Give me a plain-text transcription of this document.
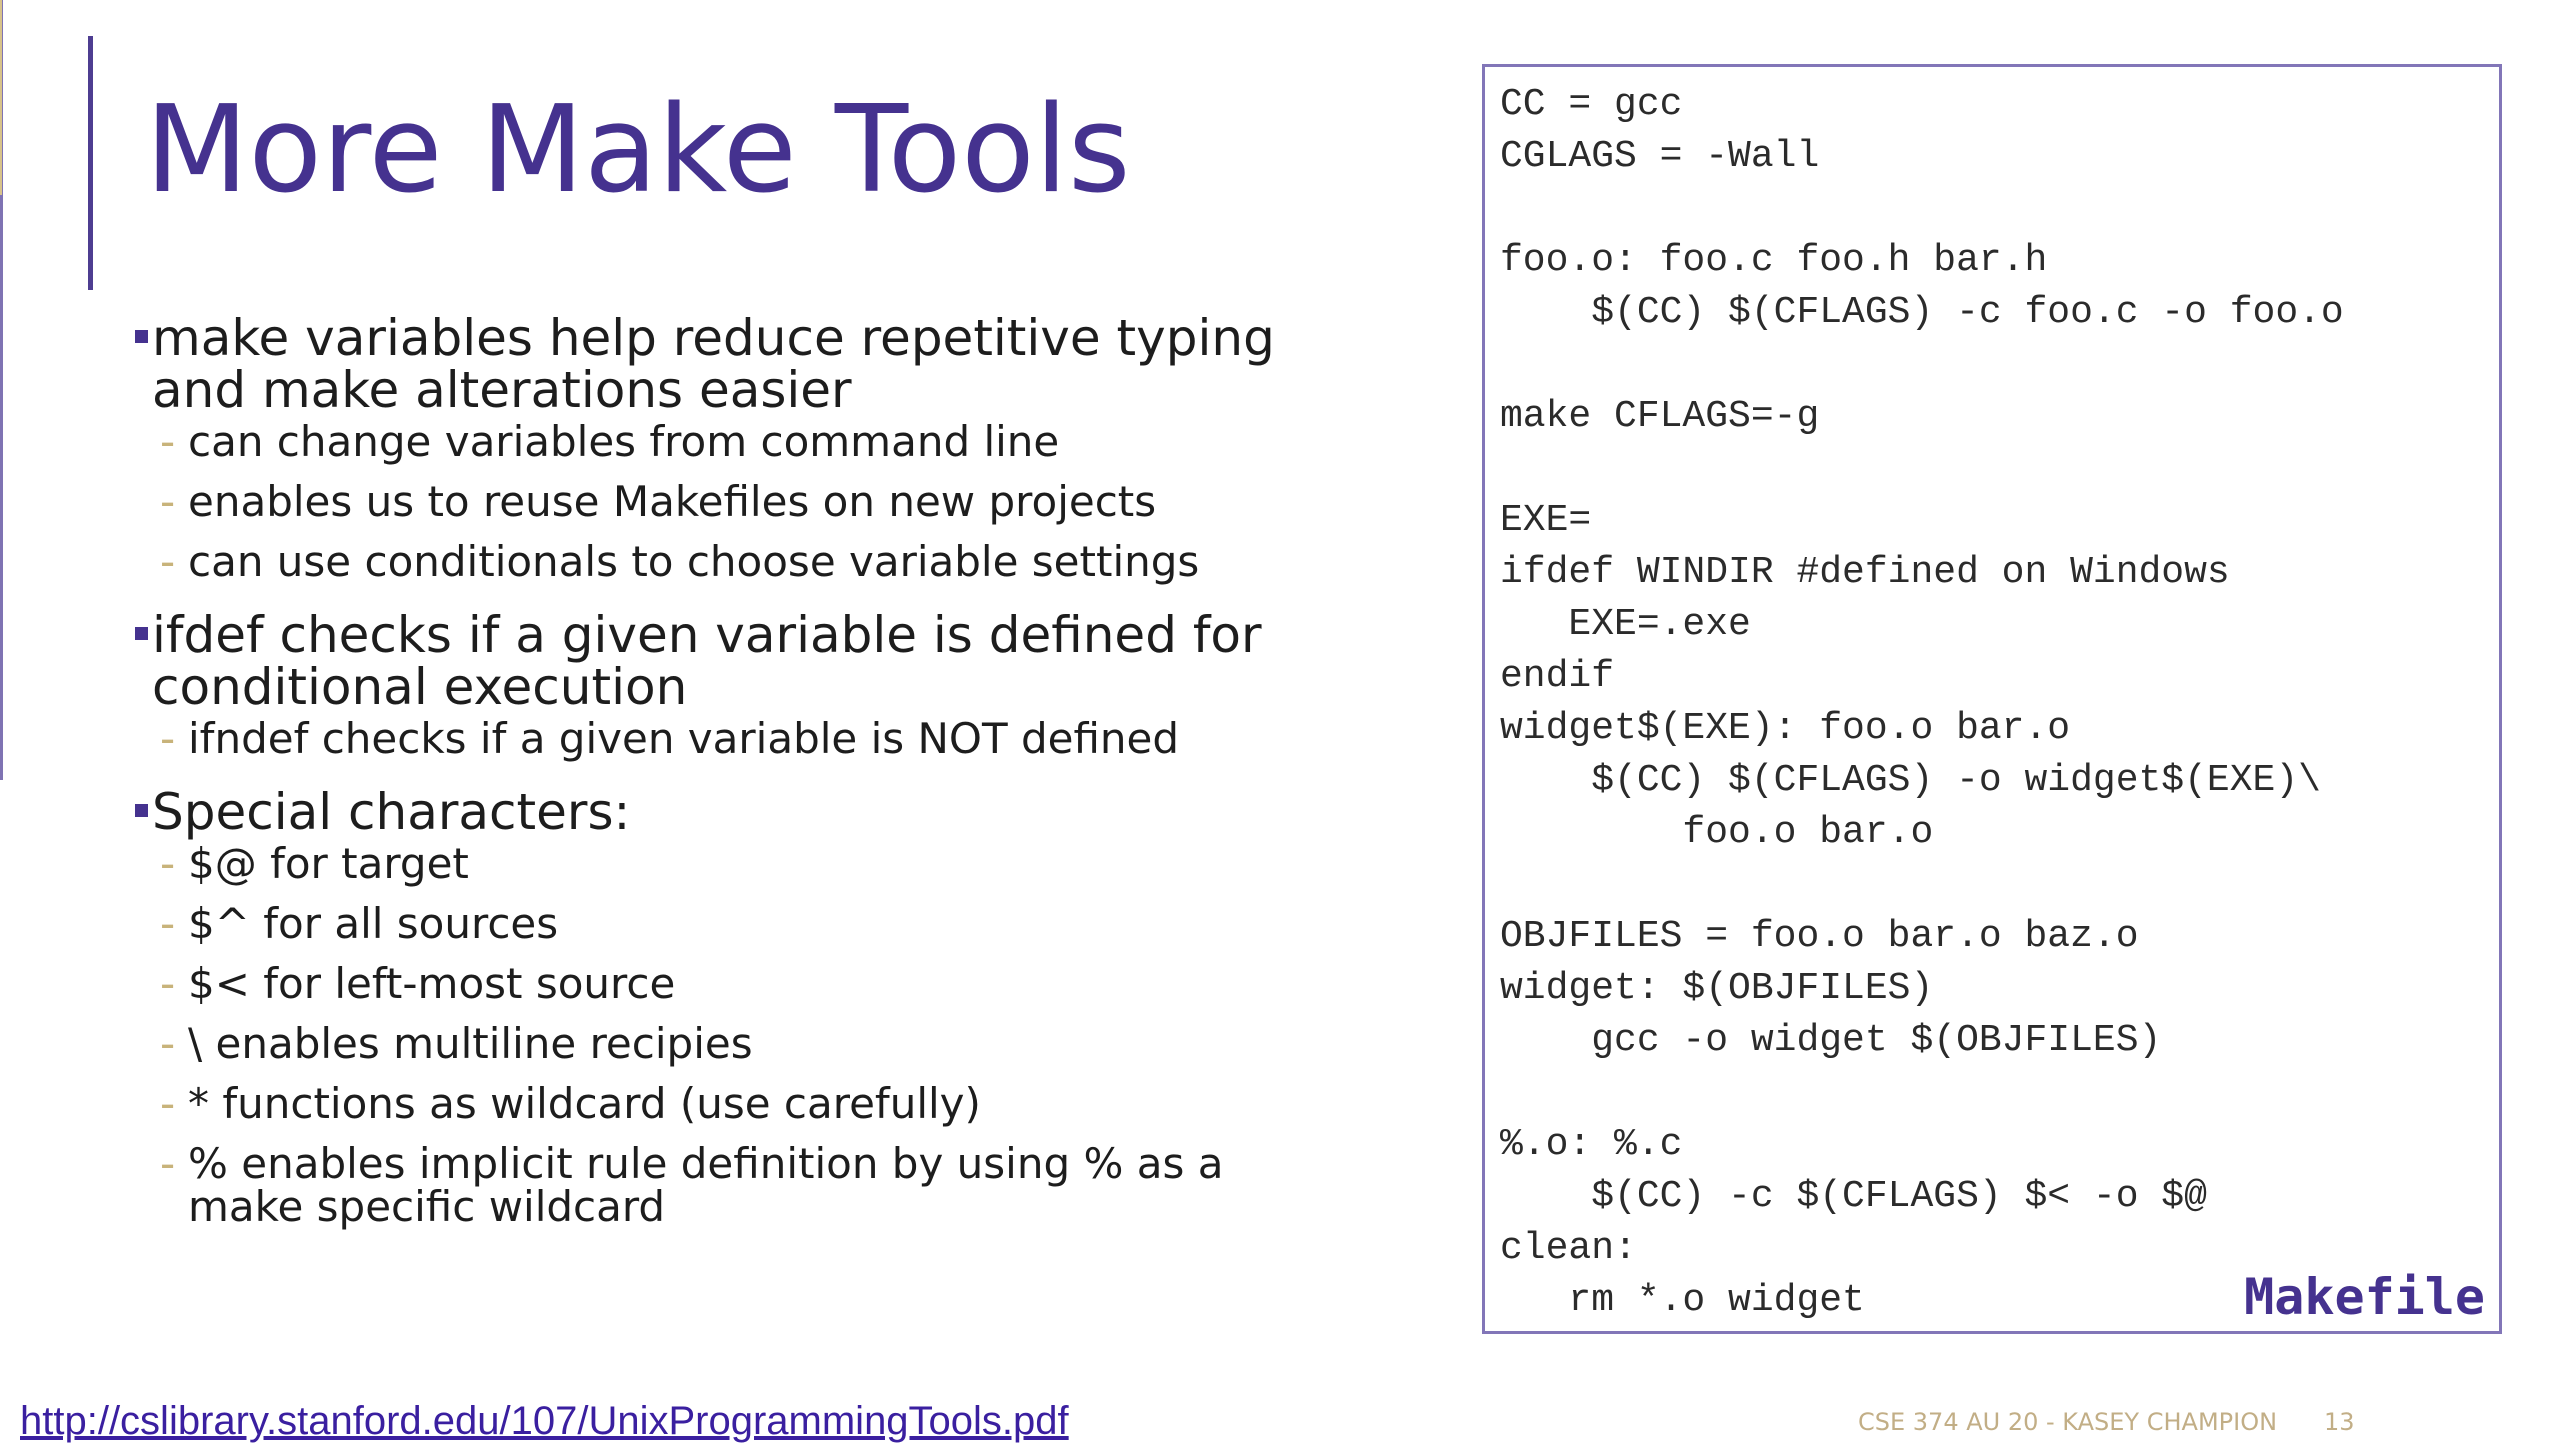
More Make Tools
make variables help reduce repetitive typing and make alterations easier
- can change variables from command line
- enables us to reuse Makefiles on new projects
- can use conditionals to choose variable settings
ifdef checks if a given variable is defined for conditional execution
- ifndef checks if a given variable is NOT defined
Special characters:
- $@ for target
- $^ for all sources
- $< for left-most source
- \ enables multiline recipies
- * functions as wildcard (use carefully)
- % enables implicit rule definition by using % as a make specific wildcard
CC = gcc
CGLAGS = -Wall
foo.o: foo.c foo.h bar.h
$(CC) $(CFLAGS) -c foo.c -o foo.o
make CFLAGS=-g
EXE=
ifdef WINDIR #defined on Windows
EXE=.exe
endif
widget$(EXE): foo.o bar.o
$(CC) $(CFLAGS) -o widget$(EXE)\
foo.o bar.o
OBJFILES = foo.o bar.o baz.o
widget: $(OBJFILES)
gcc -o widget $(OBJFILES)
%.o: %.c
$(CC) -c $(CFLAGS) $< -o $@
clean:
rm *.o widget	Makefile
http://cslibrary.stanford.edu/107/UnixProgrammingTools.pdf	CSE 374 AU 20 - KASEY CHAMPION 13
